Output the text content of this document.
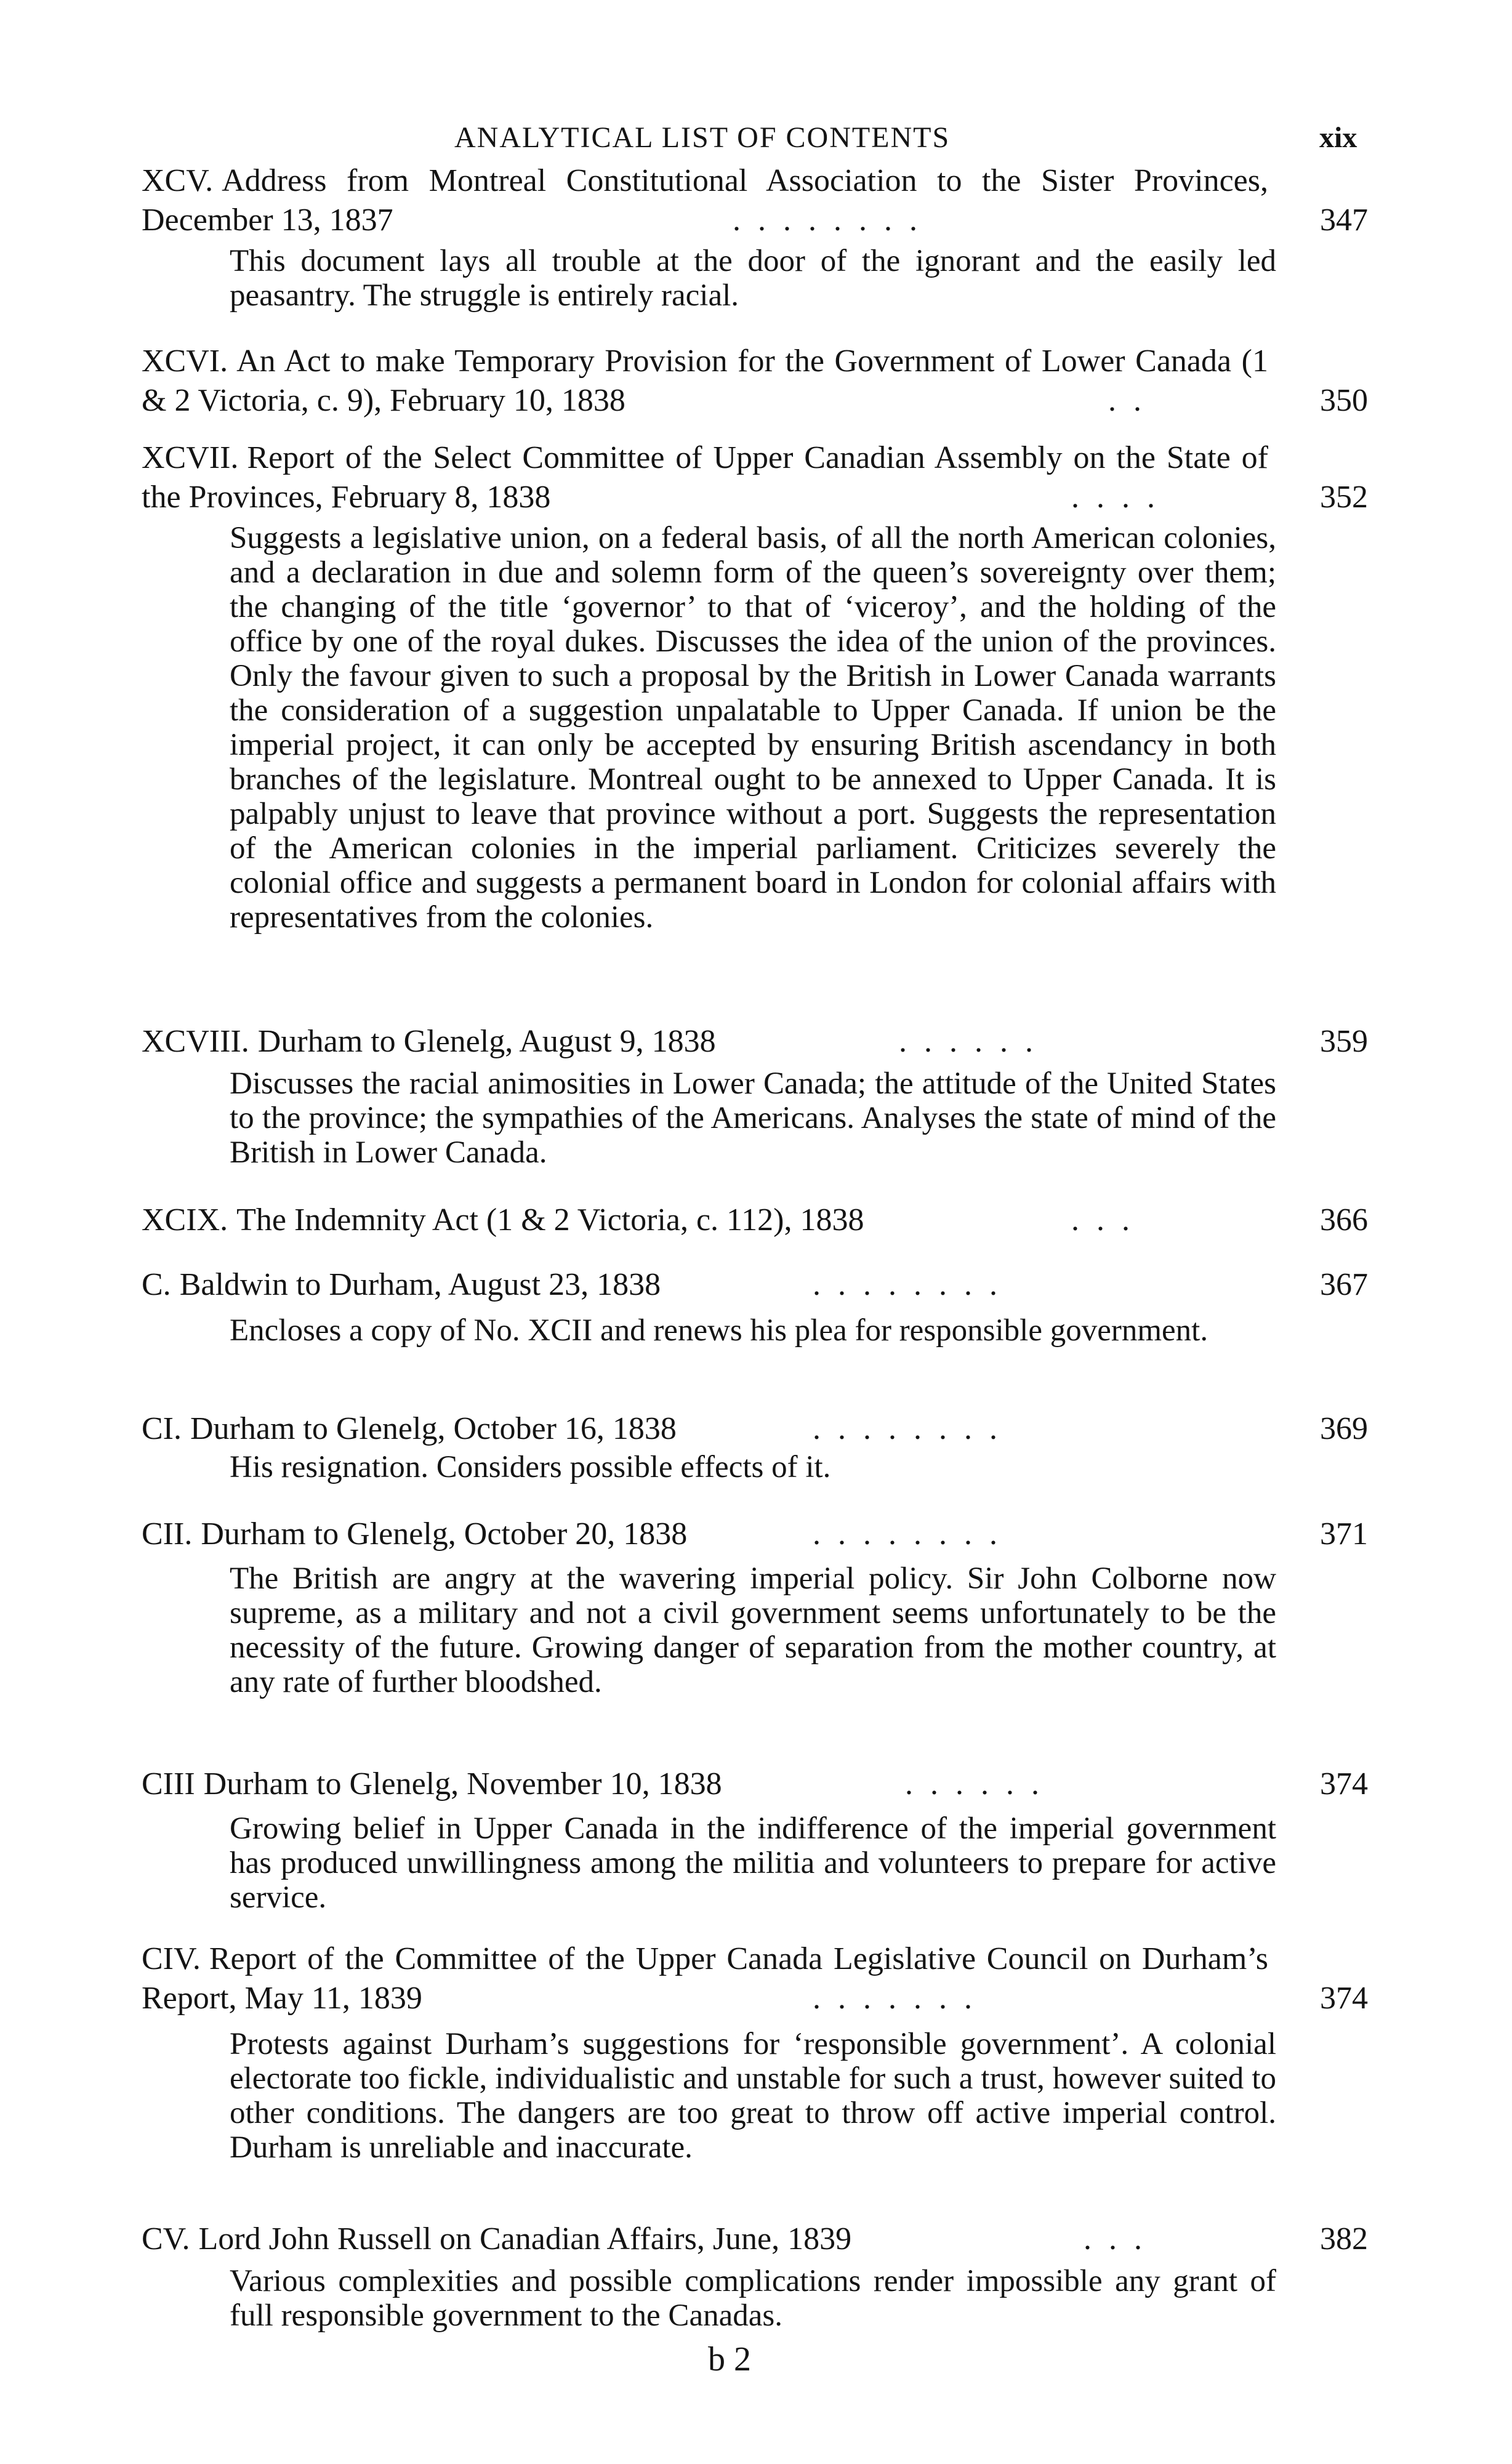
ANALYTICAL LIST OF CONTENTS	xix
XCV. Address from Montreal Constitutional Association to the Sister Provinces, December 13, 1837	........	347
This document lays all trouble at the door of the ignorant and the easily led peasantry. The struggle is entirely racial.
XCVI. An Act to make Temporary Provision for the Government of Lower Canada (1 & 2 Victoria, c. 9), February 10, 1838	..	350
XCVII. Report of the Select Committee of Upper Canadian Assembly on the State of the Provinces, February 8, 1838	....	352
Suggests a legislative union, on a federal basis, of all the north American colonies, and a declaration in due and solemn form of the queen’s sovereignty over them; the changing of the title ‘governor’ to that of ‘viceroy’, and the holding of the office by one of the royal dukes. Discusses the idea of the union of the provinces. Only the favour given to such a proposal by the British in Lower Canada warrants the consideration of a suggestion unpalatable to Upper Canada. If union be the imperial project, it can only be accepted by ensuring British ascendancy in both branches of the legislature. Montreal ought to be annexed to Upper Canada. It is palpably unjust to leave that province without a port. Suggests the representation of the American colonies in the imperial parliament. Criticizes severely the colonial office and suggests a permanent board in London for colonial affairs with representatives from the colonies.
XCVIII. Durham to Glenelg, August 9, 1838	......	359
Discusses the racial animosities in Lower Canada; the attitude of the United States to the province; the sympathies of the Americans. Analyses the state of mind of the British in Lower Canada.
XCIX. The Indemnity Act (1 & 2 Victoria, c. 112), 1838	...	366
C. Baldwin to Durham, August 23, 1838	........	367
Encloses a copy of No. XCII and renews his plea for responsible government.
CI. Durham to Glenelg, October 16, 1838	........	369
His resignation. Considers possible effects of it.
CII. Durham to Glenelg, October 20, 1838	........	371
The British are angry at the wavering imperial policy. Sir John Colborne now supreme, as a military and not a civil government seems unfortunately to be the necessity of the future. Growing danger of separation from the mother country, at any rate of further bloodshed.
CIII Durham to Glenelg, November 10, 1838	......	374
Growing belief in Upper Canada in the indifference of the imperial government has produced unwillingness among the militia and volunteers to prepare for active service.
CIV. Report of the Committee of the Upper Canada Legislative Council on Durham’s Report, May 11, 1839	.......	374
Protests against Durham’s suggestions for ‘responsible government’. A colonial electorate too fickle, individualistic and unstable for such a trust, however suited to other conditions. The dangers are too great to throw off active imperial control. Durham is unreliable and inaccurate.
CV. Lord John Russell on Canadian Affairs, June, 1839	...	382
Various complexities and possible complications render impossible any grant of full responsible government to the Canadas.
b 2
